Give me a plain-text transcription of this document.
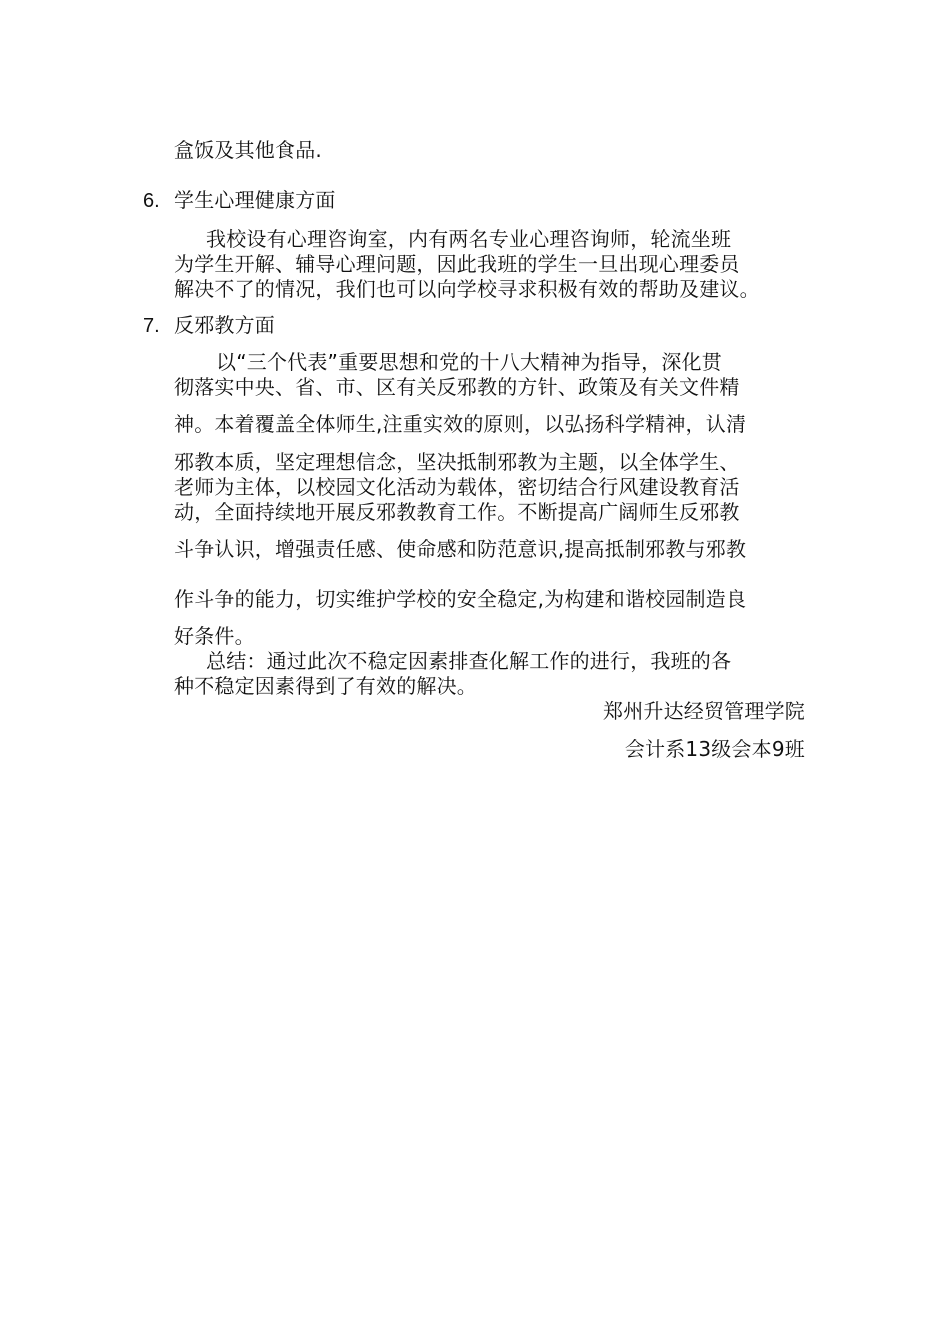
盒饭及其他食品.
6. 学生心理健康方面
我校设有心理咨询室，内有两名专业心理咨询师，轮流坐班
为学生开解、辅导心理问题，因此我班的学生一旦出现心理委员
解决不了的情况，我们也可以向学校寻求积极有效的帮助及建议。
7. 反邪教方面
以“三个代表”重要思想和党的十八大精神为指导，深化贯
彻落实中央、省、市、区有关反邪教的方针、政策及有关文件精
神。本着覆盖全体师生,注重实效的原则，以弘扬科学精神，认清
邪教本质，坚定理想信念，坚决抵制邪教为主题，以全体学生、
老师为主体，以校园文化活动为载体，密切结合行风建设教育活
动，全面持续地开展反邪教教育工作。不断提高广阔师生反邪教
斗争认识，增强责任感、使命感和防范意识,提高抵制邪教与邪教
作斗争的能力，切实维护学校的安全稳定,为构建和谐校园制造良
好条件。
总结：通过此次不稳定因素排查化解工作的进行，我班的各
种不稳定因素得到了有效的解决。
郑州升达经贸管理学院
会计系13级会本9班
